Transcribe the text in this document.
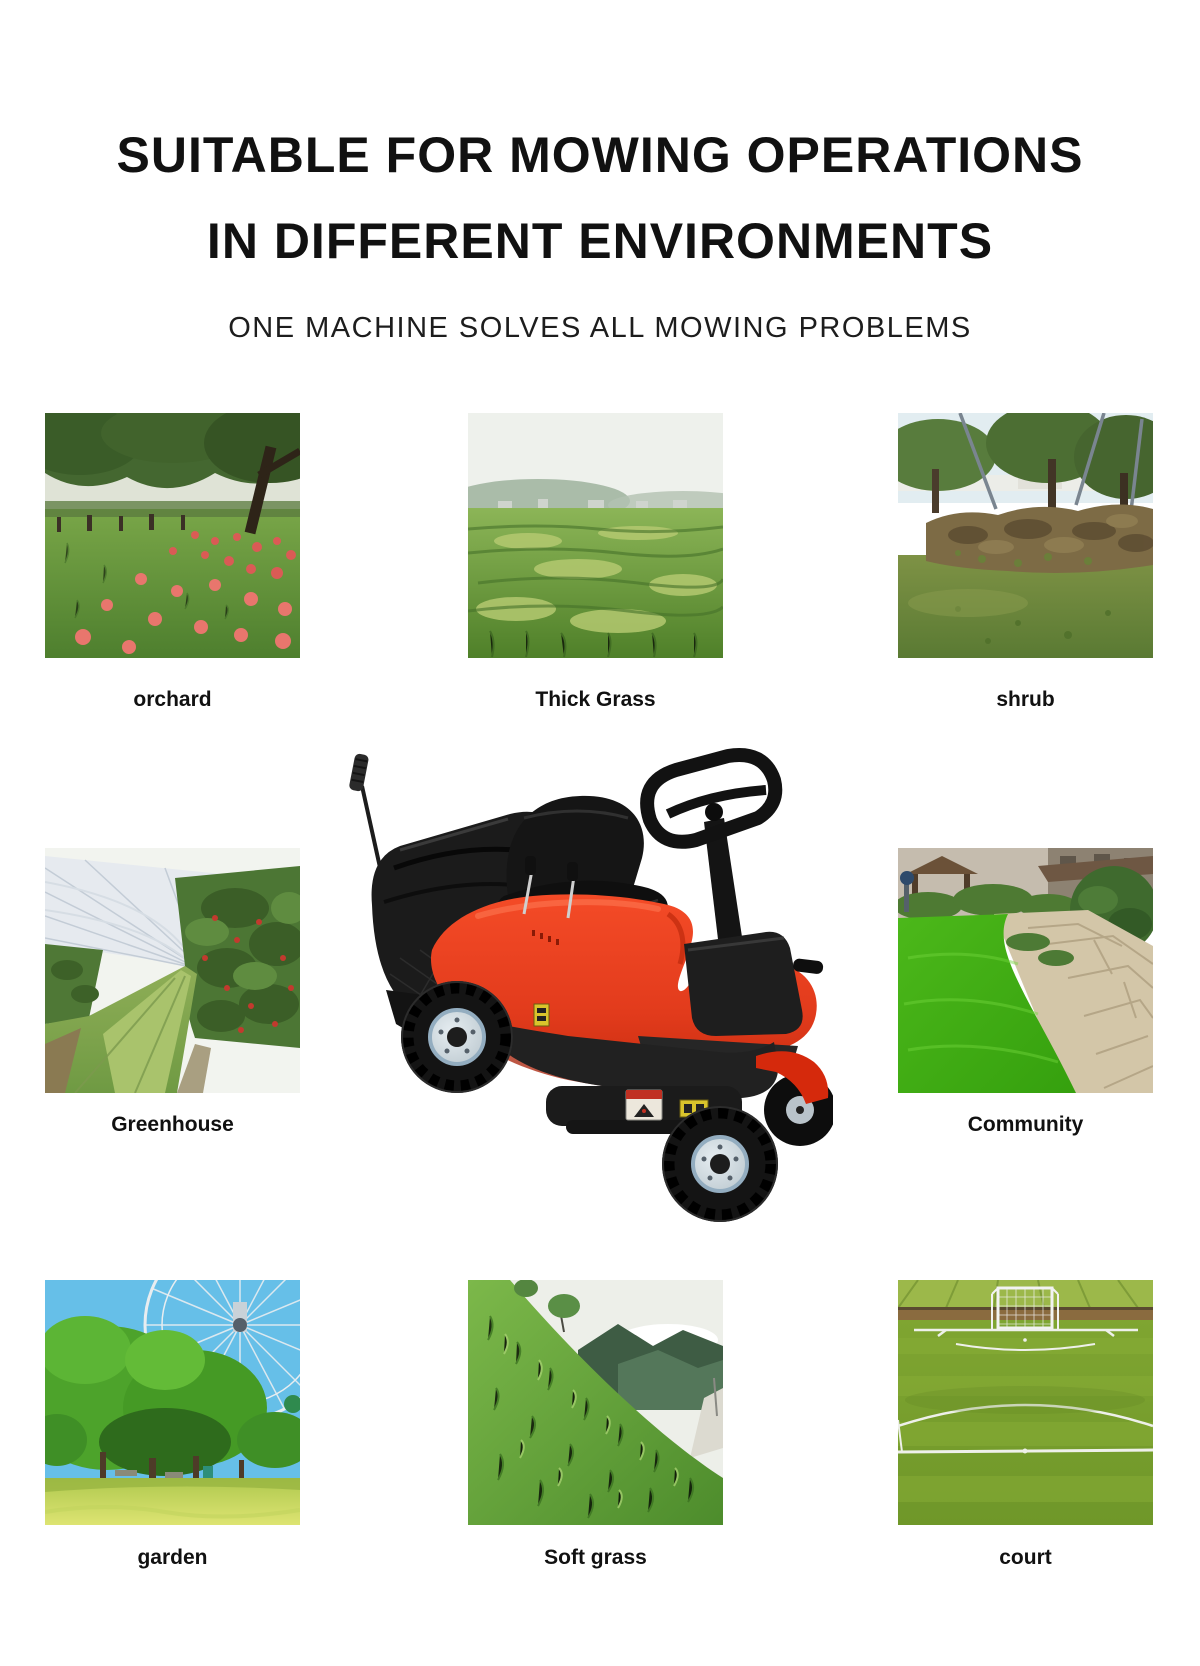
SUITABLE FOR MOWING OPERATIONS
IN DIFFERENT ENVIRONMENTS
ONE MACHINE SOLVES ALL MOWING PROBLEMS
orchard	Thick Grass	shrub
Greenhouse	Community
garden	Soft grass	court
